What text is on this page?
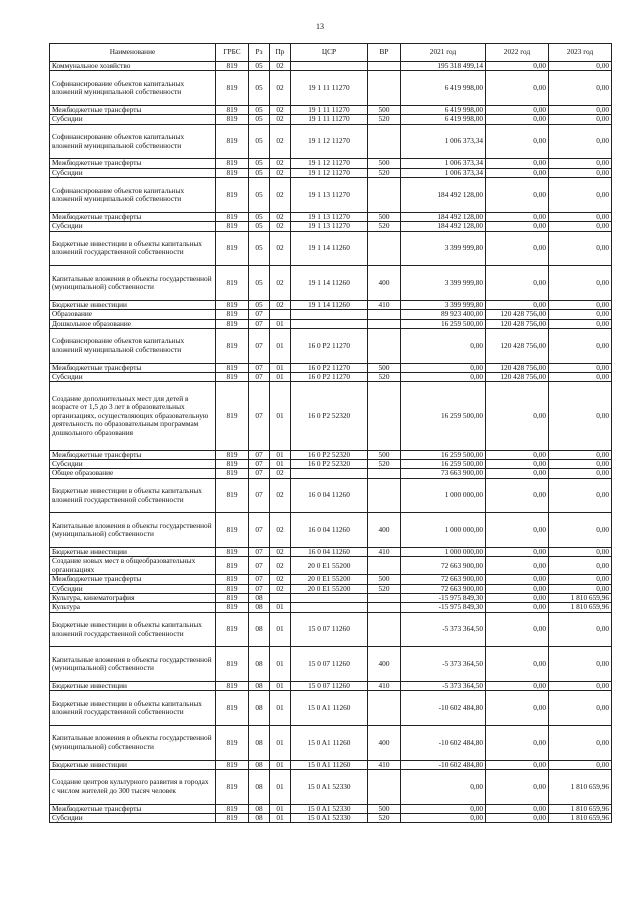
13
Наименование	ГРБС	Рз	Пр	ЦСР	ВР	2021 год	2022 год	2023 год
Коммунальное хозяйство	819	05	02			195 318 499,14	0,00	0,00
Софинансирование объектов капитальных вложений муниципальной собственности	819	05	02	19 1 11 11270		6 419 998,00	0,00	0,00
Межбюджетные трансферты	819	05	02	19 1 11 11270	500	6 419 998,00	0,00	0,00
Субсидии	819	05	02	19 1 11 11270	520	6 419 998,00	0,00	0,00
Софинансирование объектов капитальных вложений муниципальной собственности	819	05	02	19 1 12 11270		1 006 373,34	0,00	0,00
Межбюджетные трансферты	819	05	02	19 1 12 11270	500	1 006 373,34	0,00	0,00
Субсидии	819	05	02	19 1 12 11270	520	1 006 373,34	0,00	0,00
Софинансирование объектов капитальных вложений муниципальной собственности	819	05	02	19 1 13 11270		184 492 128,00	0,00	0,00
Межбюджетные трансферты	819	05	02	19 1 13 11270	500	184 492 128,00	0,00	0,00
Субсидии	819	05	02	19 1 13 11270	520	184 492 128,00	0,00	0,00
Бюджетные инвестиции в объекты капитальных вложений государственной собственности	819	05	02	19 1 14 11260		3 399 999,80	0,00	0,00
Капитальные вложения в объекты государственной (муниципальной) собственности	819	05	02	19 1 14 11260	400	3 399 999,80	0,00	0,00
Бюджетные инвестиции	819	05	02	19 1 14 11260	410	3 399 999,80	0,00	0,00
Образование	819	07				89 923 400,00	120 428 756,00	0,00
Дошкольное образование	819	07	01			16 259 500,00	120 428 756,00	0,00
Софинансирование объектов капитальных вложений муниципальной собственности	819	07	01	16 0 P2 11270		0,00	120 428 756,00	0,00
Межбюджетные трансферты	819	07	01	16 0 P2 11270	500	0,00	120 428 756,00	0,00
Субсидии	819	07	01	16 0 P2 11270	520	0,00	120 428 756,00	0,00
Создание дополнительных мест для детей в возрасте от 1,5 до 3 лет в образовательных организациях, осуществляющих образовательную деятельность по образовательным программам дошкольного образования	819	07	01	16 0 P2 52320		16 259 500,00	0,00	0,00
Межбюджетные трансферты	819	07	01	16 0 P2 52320	500	16 259 500,00	0,00	0,00
Субсидии	819	07	01	16 0 P2 52320	520	16 259 500,00	0,00	0,00
Общее образование	819	07	02			73 663 900,00	0,00	0,00
Бюджетные инвестиции в объекты капитальных вложений государственной собственности	819	07	02	16 0 04 11260		1 000 000,00	0,00	0,00
Капитальные вложения в объекты государственной (муниципальной) собственности	819	07	02	16 0 04 11260	400	1 000 000,00	0,00	0,00
Бюджетные инвестиции	819	07	02	16 0 04 11260	410	1 000 000,00	0,00	0,00
Создание новых мест в общеобразовательных организациях	819	07	02	20 0 E1 55200		72 663 900,00	0,00	0,00
Межбюджетные трансферты	819	07	02	20 0 E1 55200	500	72 663 900,00	0,00	0,00
Субсидии	819	07	02	20 0 E1 55200	520	72 663 900,00	0,00	0,00
Культура, кинематография	819	08				-15 975 849,30	0,00	1 810 659,96
Культура	819	08	01			-15 975 849,30	0,00	1 810 659,96
Бюджетные инвестиции в объекты капитальных вложений государственной собственности	819	08	01	15 0 07 11260		-5 373 364,50	0,00	0,00
Капитальные вложения в объекты государственной (муниципальной) собственности	819	08	01	15 0 07 11260	400	-5 373 364,50	0,00	0,00
Бюджетные инвестиции	819	08	01	15 0 07 11260	410	-5 373 364,50	0,00	0,00
Бюджетные инвестиции в объекты капитальных вложений государственной собственности	819	08	01	15 0 A1 11260		-10 602 484,80	0,00	0,00
Капитальные вложения в объекты государственной (муниципальной) собственности	819	08	01	15 0 A1 11260	400	-10 602 484,80	0,00	0,00
Бюджетные инвестиции	819	08	01	15 0 A1 11260	410	-10 602 484,80	0,00	0,00
Создание центров культурного развития в городах с числом жителей до 300 тысяч человек	819	08	01	15 0 A1 52330		0,00	0,00	1 810 659,96
Межбюджетные трансферты	819	08	01	15 0 A1 52330	500	0,00	0,00	1 810 659,96
Субсидии	819	08	01	15 0 A1 52330	520	0,00	0,00	1 810 659,96
